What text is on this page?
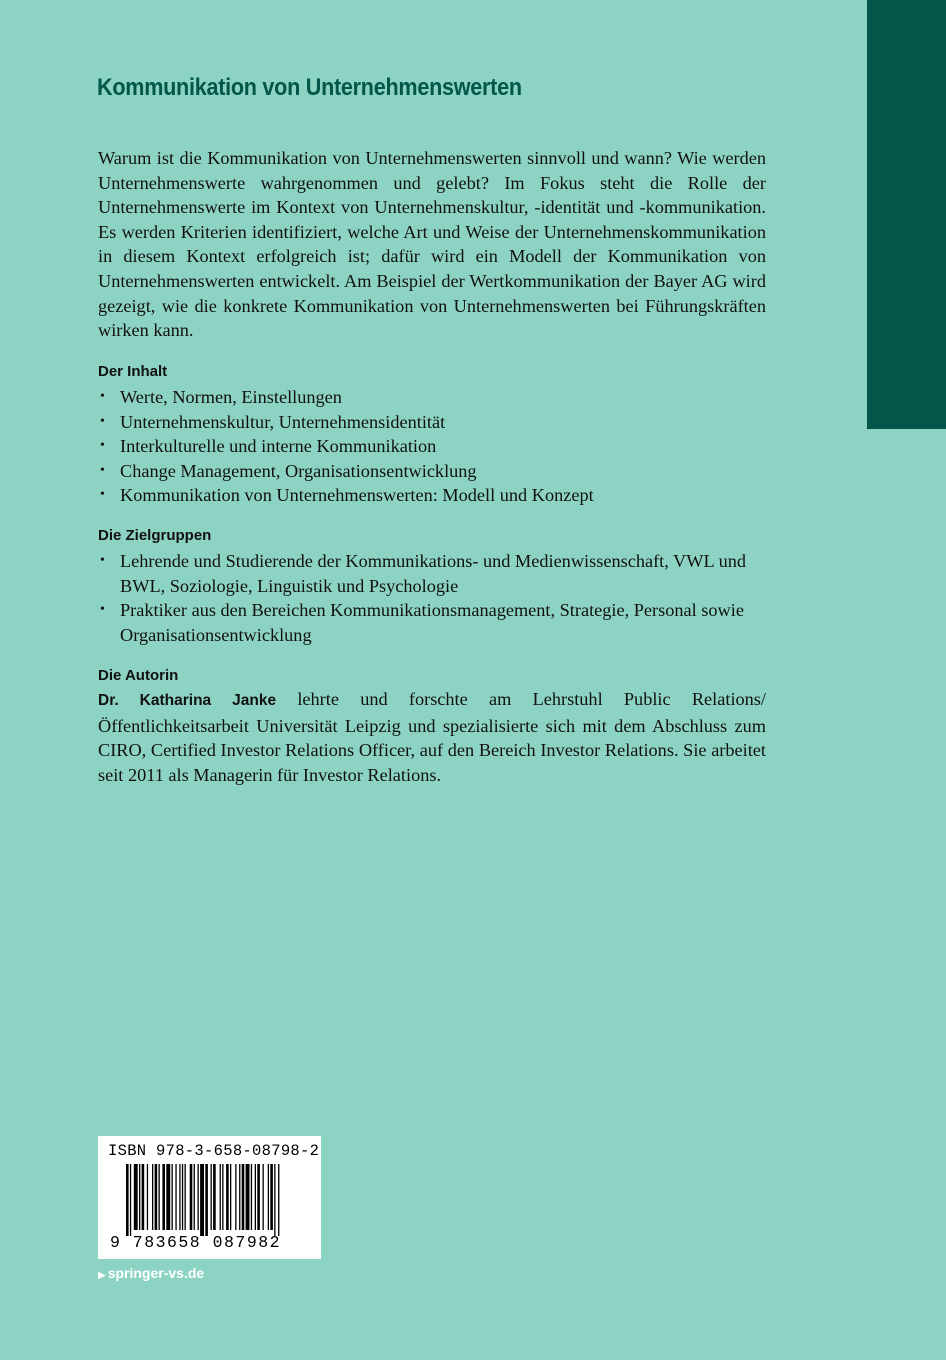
Kommunikation von Unternehmenswerten

Warum ist die Kommunikation von Unternehmenswerten sinnvoll und wann? Wie werden Unternehmenswerte wahrgenommen und gelebt? Im Fokus steht die Rolle der Unternehmenswerte im Kontext von Unternehmenskultur, -identität und -kommunikation. Es werden Kriterien identifiziert, welche Art und Weise der Unternehmenskommunikation in diesem Kontext erfolgreich ist; dafür wird ein Modell der Kommunikation von Unternehmenswerten entwickelt. Am Beispiel der Wertkommunikation der Bayer AG wird gezeigt, wie die konkrete Kommunikation von Unternehmenswerten bei Führungskräften wirken kann.

Der Inhalt
• Werte, Normen, Einstellungen
• Unternehmenskultur, Unternehmensidentität
• Interkulturelle und interne Kommunikation
• Change Management, Organisationsentwicklung
• Kommunikation von Unternehmenswerten: Modell und Konzept
Die Zielgruppen
• Lehrende und Studierende der Kommunikations- und Medienwissenschaft, VWL und BWL, Soziologie, Linguistik und Psychologie
• Praktiker aus den Bereichen Kommunikationsmanagement, Strategie, Personal sowie Organisationsentwicklung
Die Autorin

Dr. Katharina Janke lehrte und forschte am Lehrstuhl Public Relations/Öffentlichkeitsarbeit Universität Leipzig und spezialisierte sich mit dem Abschluss zum CIRO, Certified Investor Relations Officer, auf den Bereich Investor Relations. Sie arbeitet seit 2011 als Managerin für Investor Relations.

ISBN 978-3-658-08798-2
9 783658 087982
▶ springer-vs.de
